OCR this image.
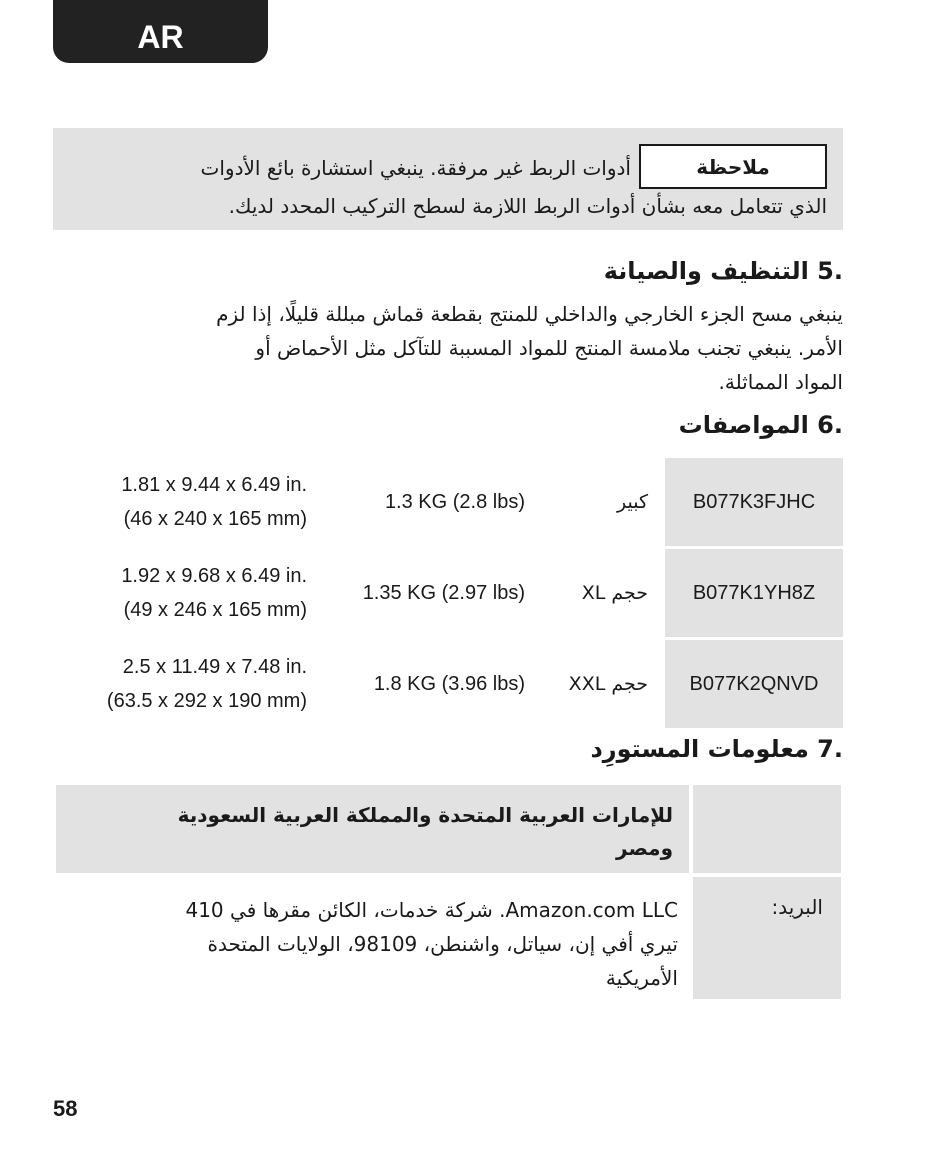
AR
ملاحظة
أدوات الربط غير مرفقة. ينبغي استشارة بائع الأدوات
الذي تتعامل معه بشأن أدوات الربط اللازمة لسطح التركيب المحدد لديك.
.5 التنظيف والصيانة
ينبغي مسح الجزء الخارجي والداخلي للمنتج بقطعة قماش مبللة قليلًا، إذا لزم
الأمر. ينبغي تجنب ملامسة المنتج للمواد المسببة للتآكل مثل الأحماض أو
المواد المماثلة.
.6 المواصفات
B077K3FJHC
كبير
1.3 KG (2.8 lbs)
1.81 x 9.44 x 6.49 in.
(46 x 240 x 165 mm)
B077K1YH8Z
حجم XL
1.35 KG (2.97 lbs)
1.92 x 9.68 x 6.49 in.
(49 x 246 x 165 mm)
B077K2QNVD
حجم XXL
1.8 KG (3.96 lbs)
2.5 x 11.49 x 7.48 in.
(63.5 x 292 x 190 mm)
.7 معلومات المستورِد
للإمارات العربية المتحدة والمملكة العربية السعودية
ومصر
البريد:
Amazon.com LLC. شركة خدمات، الكائن مقرها في 410
تيري أفي إن، سياتل، واشنطن، 98109، الولايات المتحدة
الأمريكية
58
